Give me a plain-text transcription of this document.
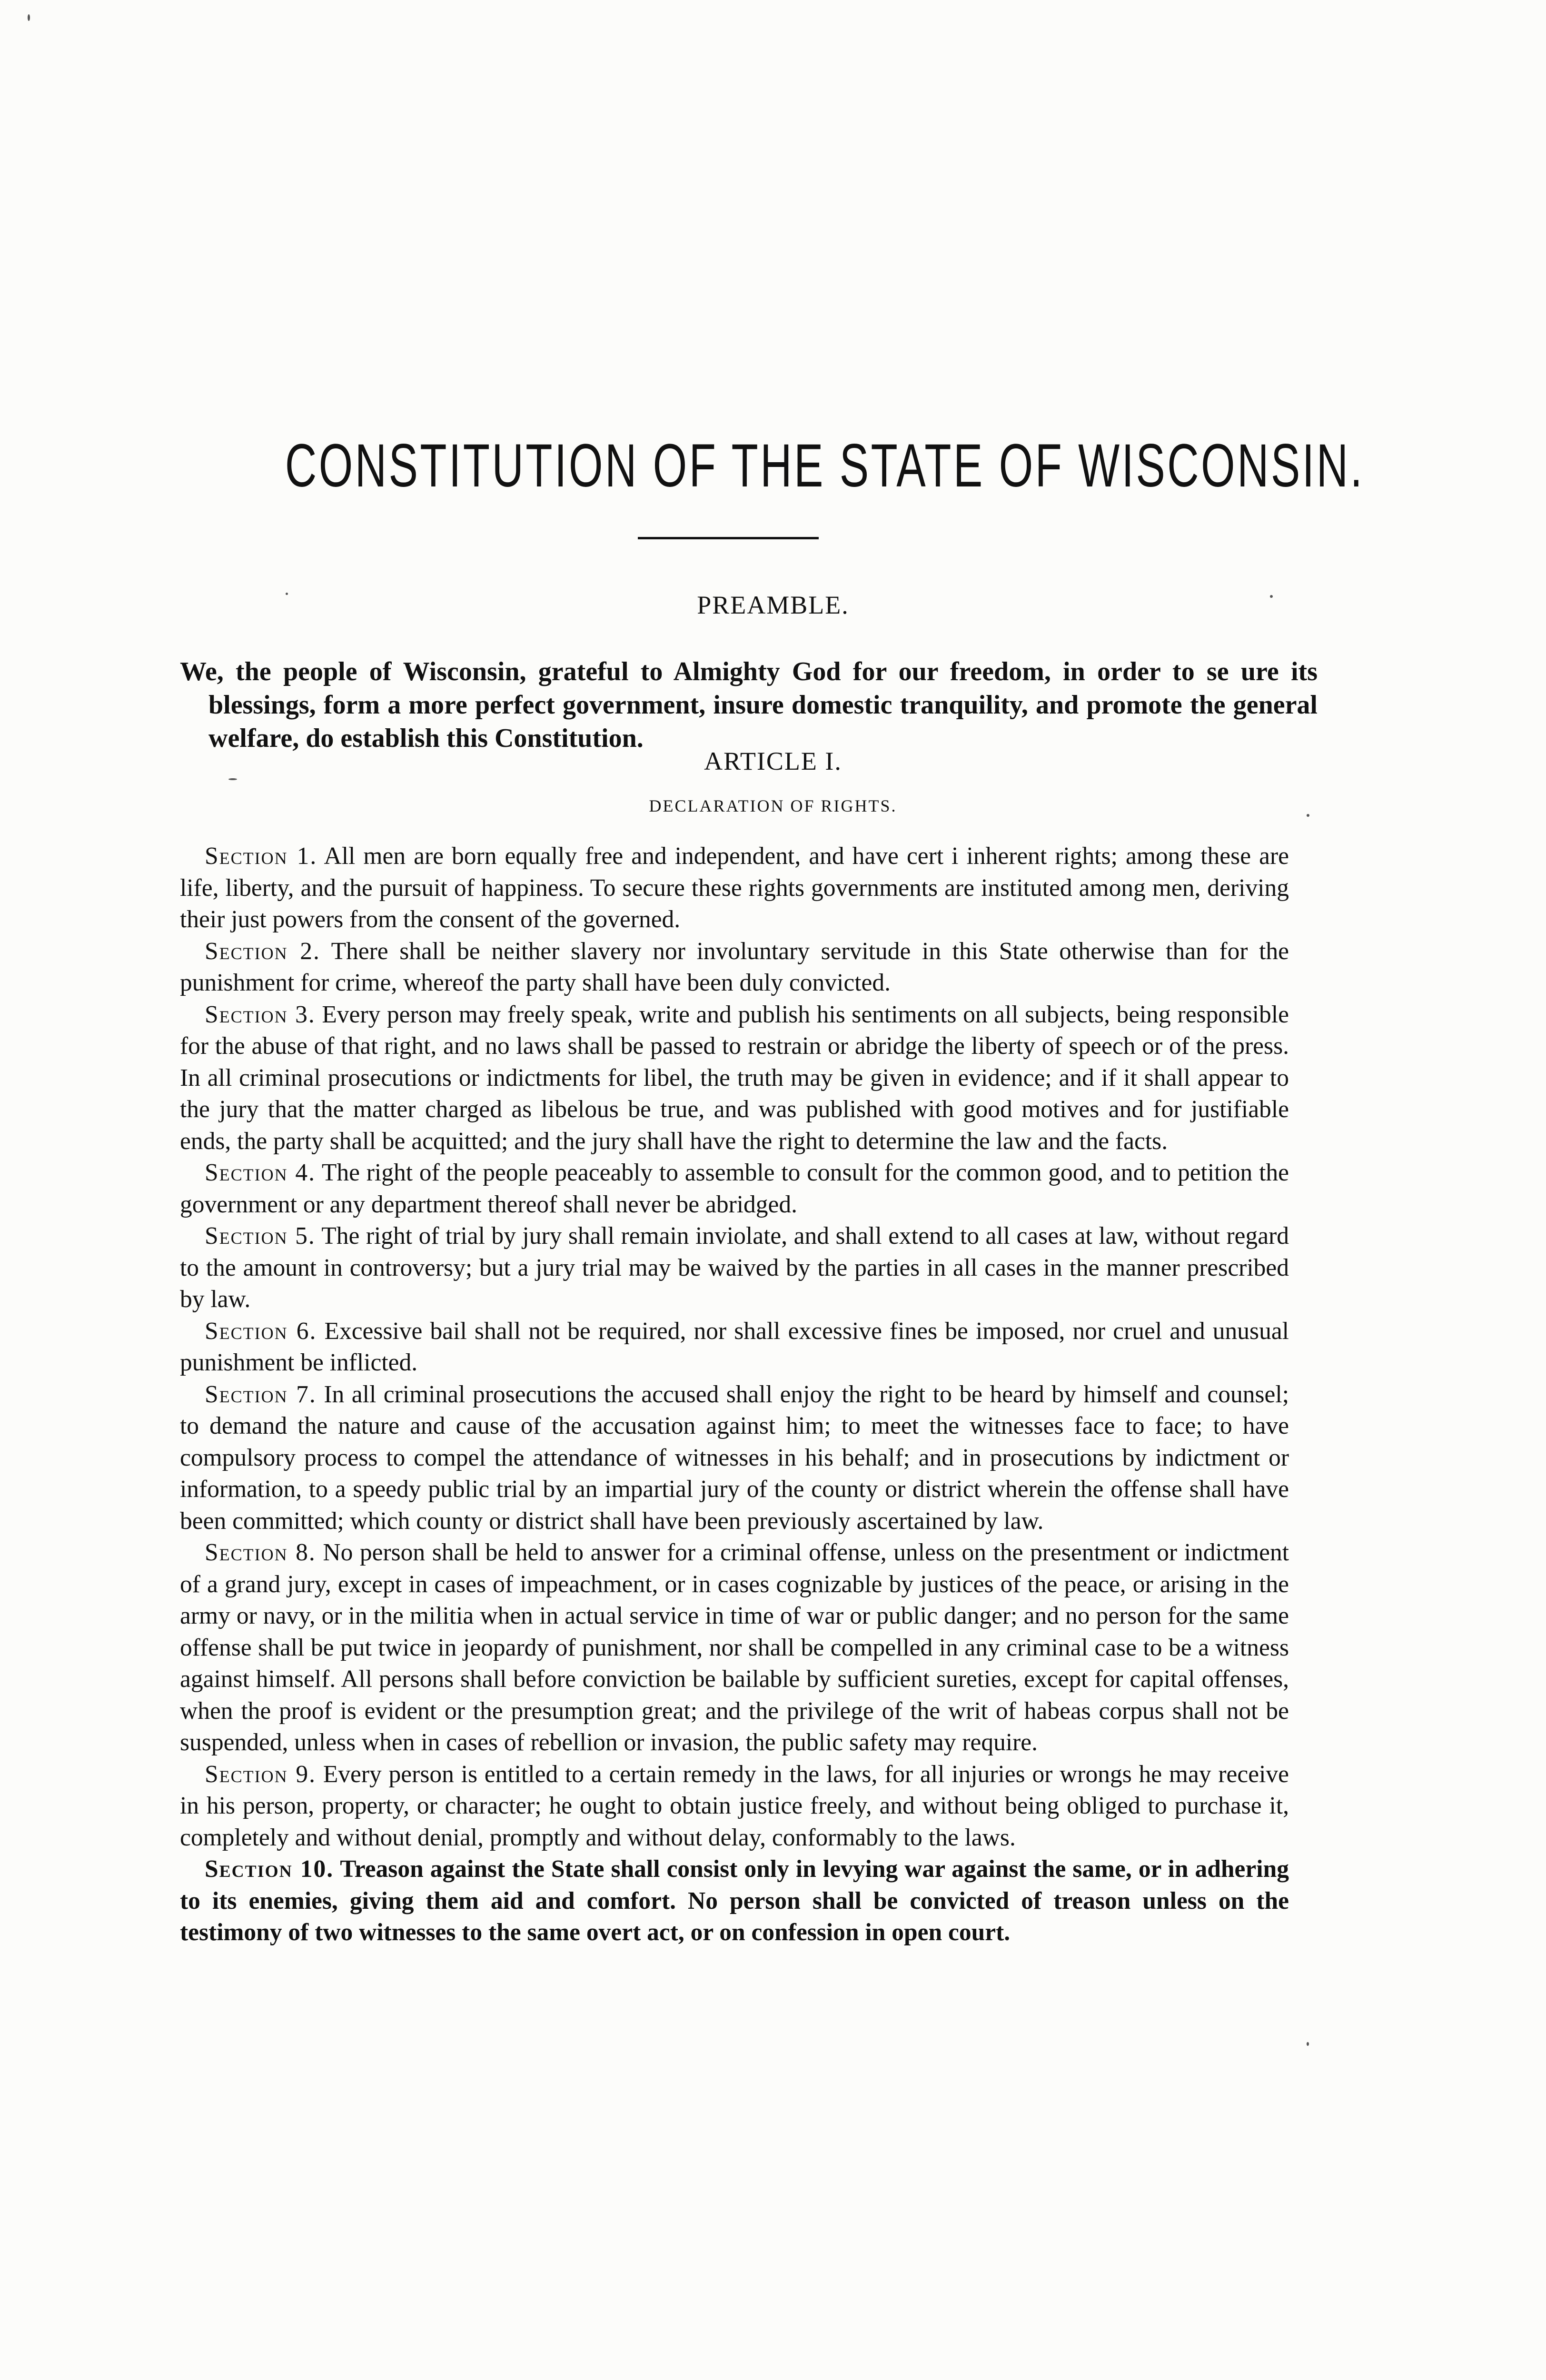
CONSTITUTION OF THE STATE OF WISCONSIN.
PREAMBLE.

We, the people of Wisconsin, grateful to Almighty God for our freedom, in order to se ure its blessings, form a more perfect government, insure domestic tranquility, and promote the general welfare, do establish this Constitution.

ARTICLE I.
DECLARATION OF RIGHTS.

Section 1. All men are born equally free and independent, and have cert i inherent rights; among these are life, liberty, and the pursuit of happiness. To secure these rights governments are instituted among men, deriving their just powers from the consent of the governed.

Section 2. There shall be neither slavery nor involuntary servitude in this State otherwise than for the punishment for crime, whereof the party shall have been duly convicted.

Section 3. Every person may freely speak, write and publish his sentiments on all subjects, being responsible for the abuse of that right, and no laws shall be passed to restrain or abridge the liberty of speech or of the press. In all criminal prosecutions or indictments for libel, the truth may be given in evidence; and if it shall appear to the jury that the matter charged as libelous be true, and was published with good motives and for justifiable ends, the party shall be acquitted; and the jury shall have the right to determine the law and the facts.

Section 4. The right of the people peaceably to assemble to consult for the common good, and to petition the government or any department thereof shall never be abridged.

Section 5. The right of trial by jury shall remain inviolate, and shall extend to all cases at law, without regard to the amount in controversy; but a jury trial may be waived by the parties in all cases in the manner prescribed by law.

Section 6. Excessive bail shall not be required, nor shall excessive fines be imposed, nor cruel and unusual punishment be inflicted.

Section 7. In all criminal prosecutions the accused shall enjoy the right to be heard by himself and counsel; to demand the nature and cause of the accusation against him; to meet the witnesses face to face; to have compulsory process to compel the attendance of witnesses in his behalf; and in prosecutions by indictment or information, to a speedy public trial by an impartial jury of the county or district wherein the offense shall have been committed; which county or district shall have been previously ascertained by law.

Section 8. No person shall be held to answer for a criminal offense, unless on the presentment or indictment of a grand jury, except in cases of impeachment, or in cases cognizable by justices of the peace, or arising in the army or navy, or in the militia when in actual service in time of war or public danger; and no person for the same offense shall be put twice in jeopardy of punishment, nor shall be compelled in any criminal case to be a witness against himself. All persons shall before conviction be bailable by sufficient sureties, except for capital offenses, when the proof is evident or the presumption great; and the privilege of the writ of habeas corpus shall not be suspended, unless when in cases of rebellion or invasion, the public safety may require.

Section 9. Every person is entitled to a certain remedy in the laws, for all injuries or wrongs he may receive in his person, property, or character; he ought to obtain justice freely, and without being obliged to purchase it, completely and without denial, promptly and without delay, conformably to the laws.

Section 10. Treason against the State shall consist only in levying war against the same, or in adhering to its enemies, giving them aid and comfort. No person shall be convicted of treason unless on the testimony of two witnesses to the same overt act, or on confession in open court.
